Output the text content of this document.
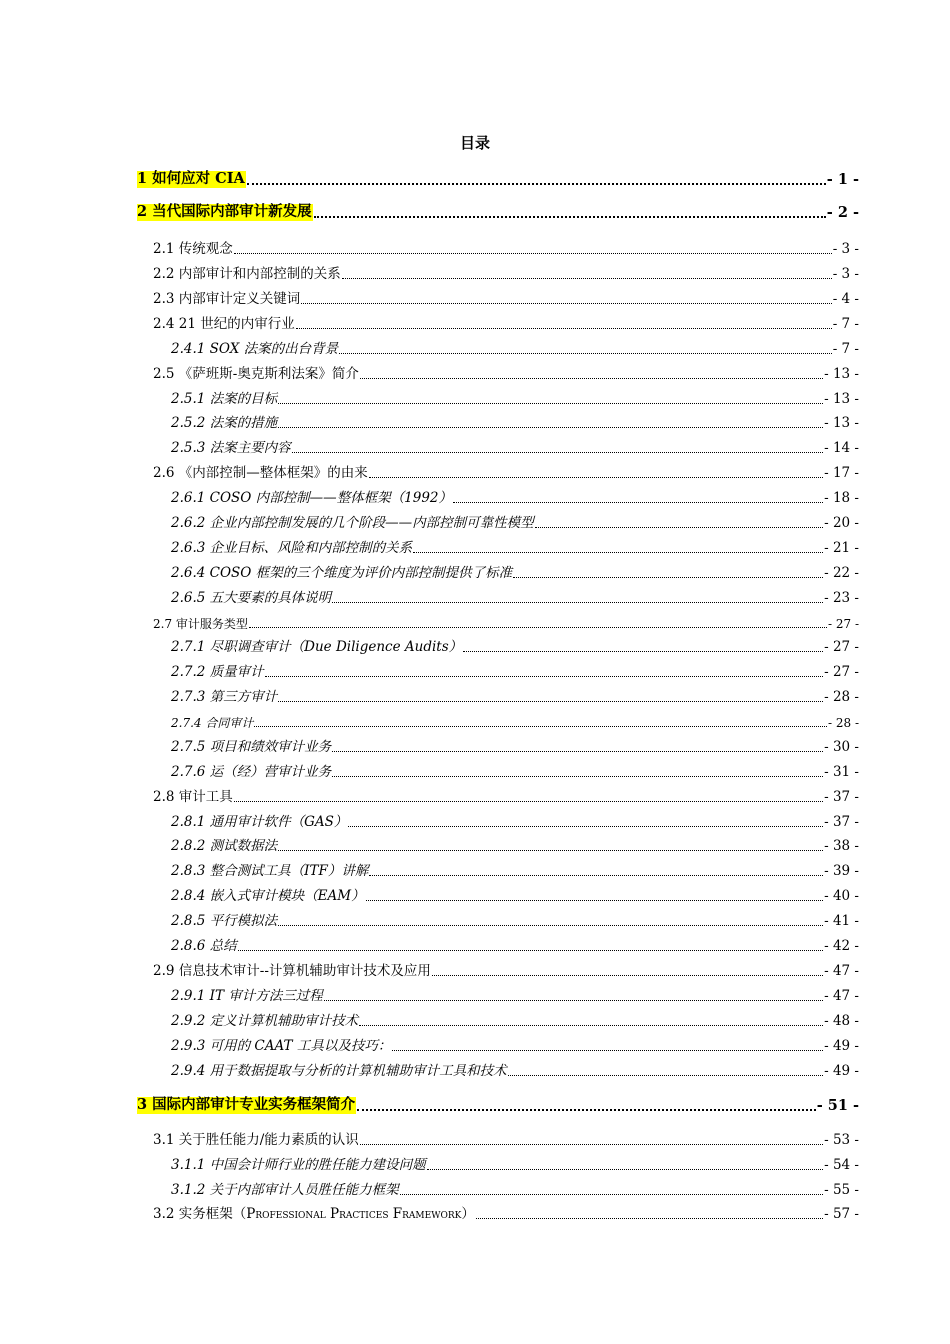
目录
1 如何应对 CIA	- 1 -
2 当代国际内部审计新发展	- 2 -
2.1 传统观念	- 3 -
2.2 内部审计和内部控制的关系	- 3 -
2.3 内部审计定义关键词	- 4 -
2.4 21 世纪的内审行业	- 7 -
2.4.1 SOX 法案的出台背景	- 7 -
2.5 《萨班斯-奥克斯利法案》简介	- 13 -
2.5.1 法案的目标	- 13 -
2.5.2 法案的措施	- 13 -
2.5.3 法案主要内容	- 14 -
2.6 《内部控制—整体框架》的由来	- 17 -
2.6.1 COSO 内部控制——整体框架（1992）	- 18 -
2.6.2 企业内部控制发展的几个阶段——内部控制可靠性模型	- 20 -
2.6.3 企业目标、风险和内部控制的关系	- 21 -
2.6.4 COSO 框架的三个维度为评价内部控制提供了标准	- 22 -
2.6.5 五大要素的具体说明	- 23 -
2.7 审计服务类型	- 27 -
2.7.1 尽职调查审计（Due Diligence Audits）	- 27 -
2.7.2 质量审计	- 27 -
2.7.3 第三方审计	- 28 -
2.7.4 合同审计	- 28 -
2.7.5 项目和绩效审计业务	- 30 -
2.7.6 运（经）营审计业务	- 31 -
2.8 审计工具	- 37 -
2.8.1 通用审计软件（GAS）	- 37 -
2.8.2 测试数据法	- 38 -
2.8.3 整合测试工具（ITF）讲解	- 39 -
2.8.4 嵌入式审计模块（EAM）	- 40 -
2.8.5 平行模拟法	- 41 -
2.8.6 总结	- 42 -
2.9 信息技术审计--计算机辅助审计技术及应用	- 47 -
2.9.1 IT 审计方法三过程	- 47 -
2.9.2 定义计算机辅助审计技术	- 48 -
2.9.3 可用的 CAAT 工具以及技巧：	- 49 -
2.9.4 用于数据提取与分析的计算机辅助审计工具和技术	- 49 -
3 国际内部审计专业实务框架简介	- 51 -
3.1 关于胜任能力/能力素质的认识	- 53 -
3.1.1 中国会计师行业的胜任能力建设问题	- 54 -
3.1.2 关于内部审计人员胜任能力框架	- 55 -
3.2 实务框架（Professional Practices Framework）	- 57 -
